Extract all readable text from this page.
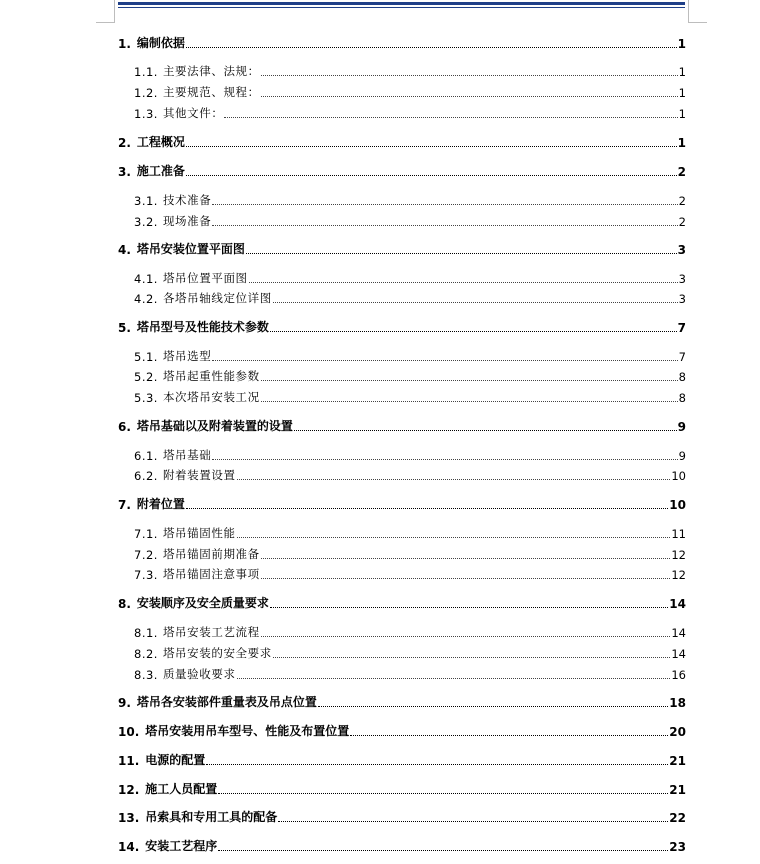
1. 编制依据	1
1.1. 主要法律、法规：	1
1.2. 主要规范、规程：	1
1.3. 其他文件：	1
2. 工程概况	1
3. 施工准备	2
3.1. 技术准备	2
3.2. 现场准备	2
4. 塔吊安装位置平面图	3
4.1. 塔吊位置平面图	3
4.2. 各塔吊轴线定位详图	3
5. 塔吊型号及性能技术参数	7
5.1. 塔吊选型	7
5.2. 塔吊起重性能参数	8
5.3. 本次塔吊安装工况	8
6. 塔吊基础以及附着装置的设置	9
6.1. 塔吊基础	9
6.2. 附着装置设置	10
7. 附着位置	10
7.1. 塔吊锚固性能	11
7.2. 塔吊锚固前期准备	12
7.3. 塔吊锚固注意事项	12
8. 安装顺序及安全质量要求	14
8.1. 塔吊安装工艺流程	14
8.2. 塔吊安装的安全要求	14
8.3. 质量验收要求	16
9. 塔吊各安装部件重量表及吊点位置	18
10. 塔吊安装用吊车型号、性能及布置位置	20
11. 电源的配置	21
12. 施工人员配置	21
13. 吊索具和专用工具的配备	22
14. 安装工艺程序	23
